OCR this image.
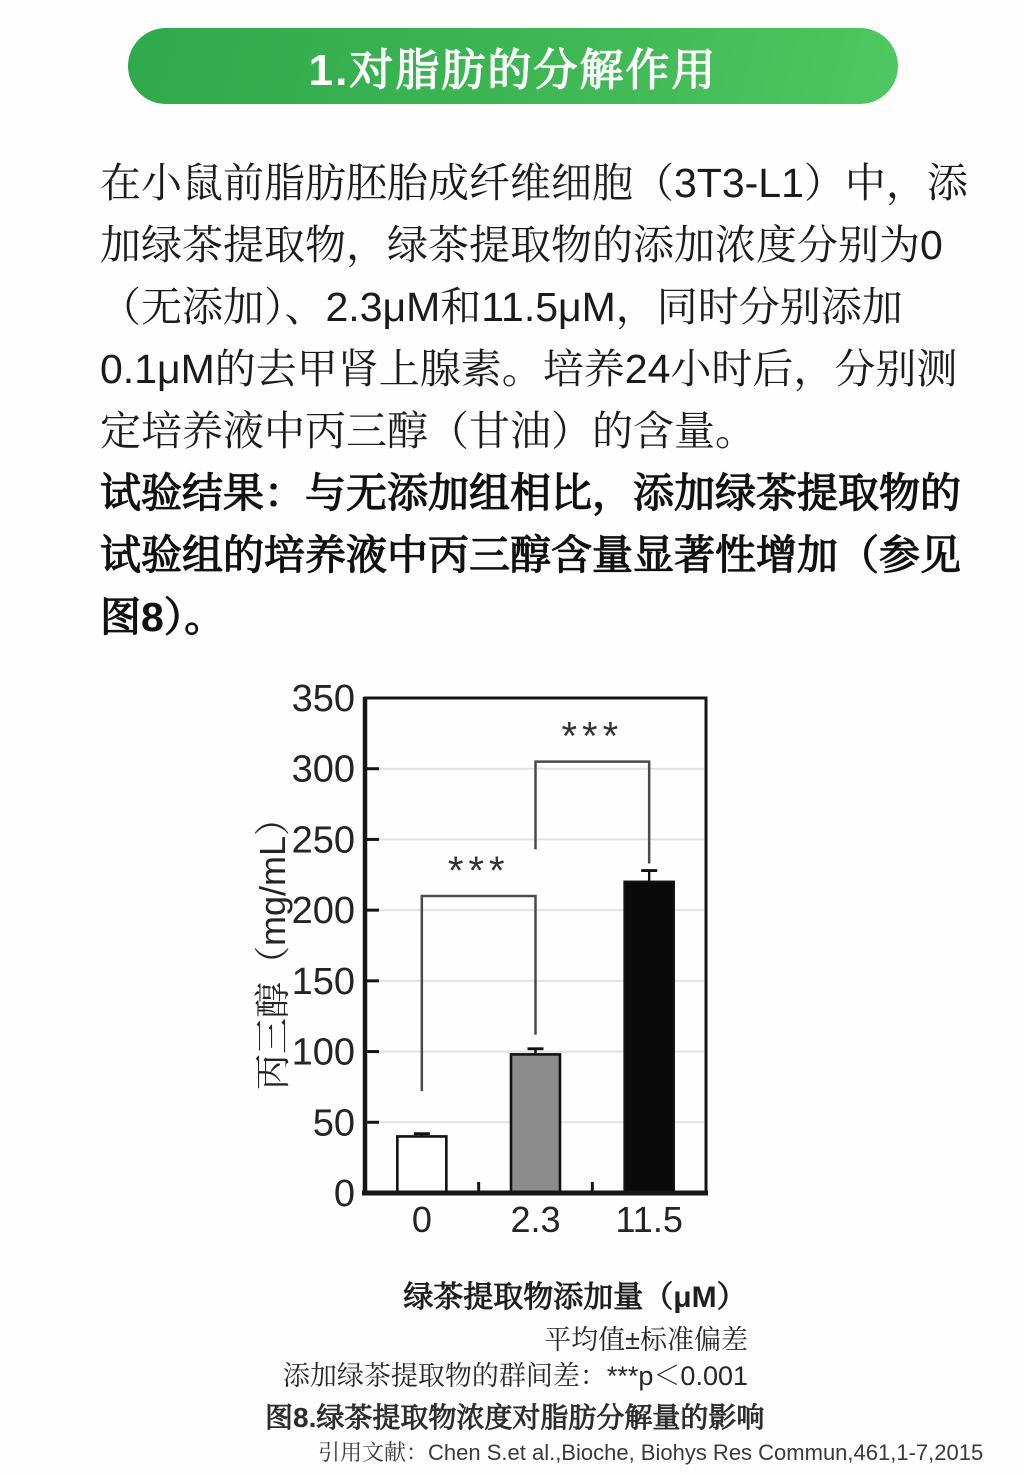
1.对脂肪的分解作用
在小鼠前脂肪胚胎成纤维细胞（3T3-L1）中，添
加绿茶提取物，绿茶提取物的添加浓度分别为0
（无添加）、2.3μM和11.5μM，同时分别添加
0.1μM的去甲肾上腺素。培养24小时后，分别测
定培养液中丙三醇（甘油）的含量。
试验结果：与无添加组相比，添加绿茶提取物的
试验组的培养液中丙三醇含量显著性增加（参见
图8）。
***
***
0
50
100
150
200
250
300
350
0 2.3 11.5
丙三醇（mg/mL）
绿茶提取物添加量（μM）
平均值±标准偏差
添加绿茶提取物的群间差：***p＜0.001
图8.绿茶提取物浓度对脂肪分解量的影响
引用文献：Chen S.et al.,Bioche, Biohys Res Commun,461,1-7,2015
